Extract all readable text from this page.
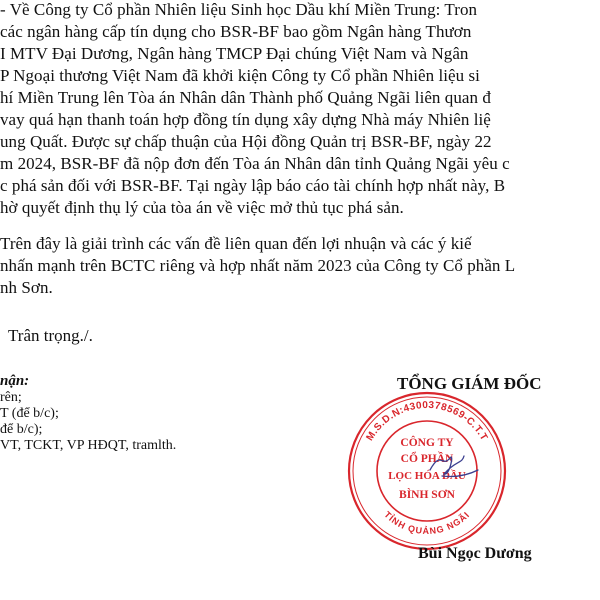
- Về Công ty Cổ phần Nhiên liệu Sinh học Dầu khí Miền Trung: Tron
các ngân hàng cấp tín dụng cho BSR-BF bao gồm Ngân hàng Thươn
I MTV Đại Dương, Ngân hàng TMCP Đại chúng Việt Nam và Ngân
P Ngoại thương Việt Nam đã khởi kiện Công ty Cổ phần Nhiên liệu si
hí Miền Trung lên Tòa án Nhân dân Thành phố Quảng Ngãi liên quan đ
vay quá hạn thanh toán hợp đồng tín dụng xây dựng Nhà máy Nhiên liệ
ung Quất. Được sự chấp thuận của Hội đồng Quản trị BSR-BF, ngày 22
m 2024, BSR-BF đã nộp đơn đến Tòa án Nhân dân tỉnh Quảng Ngãi yêu c
c phá sản đối với BSR-BF. Tại ngày lập báo cáo tài chính hợp nhất này, B
hờ quyết định thụ lý của tòa án về việc mở thủ tục phá sản.
Trên đây là giải trình các vấn đề liên quan đến lợi nhuận và các ý kiế
nhấn mạnh trên BCTC riêng và hợp nhất năm 2023 của Công ty Cổ phần L
nh Sơn.
Trân trọng./.
nận:
rên;
T (để b/c);
để b/c);
VT, TCKT, VP HĐQT, tramlth.
TỔNG GIÁM ĐỐC
M.S.D.N:4300378569-C.T.T
TỈNH QUẢNG NGÃI
CÔNG TY
CỔ PHẦN
LỌC HÓA DẦU
BÌNH SƠN
Bùi Ngọc Dương
